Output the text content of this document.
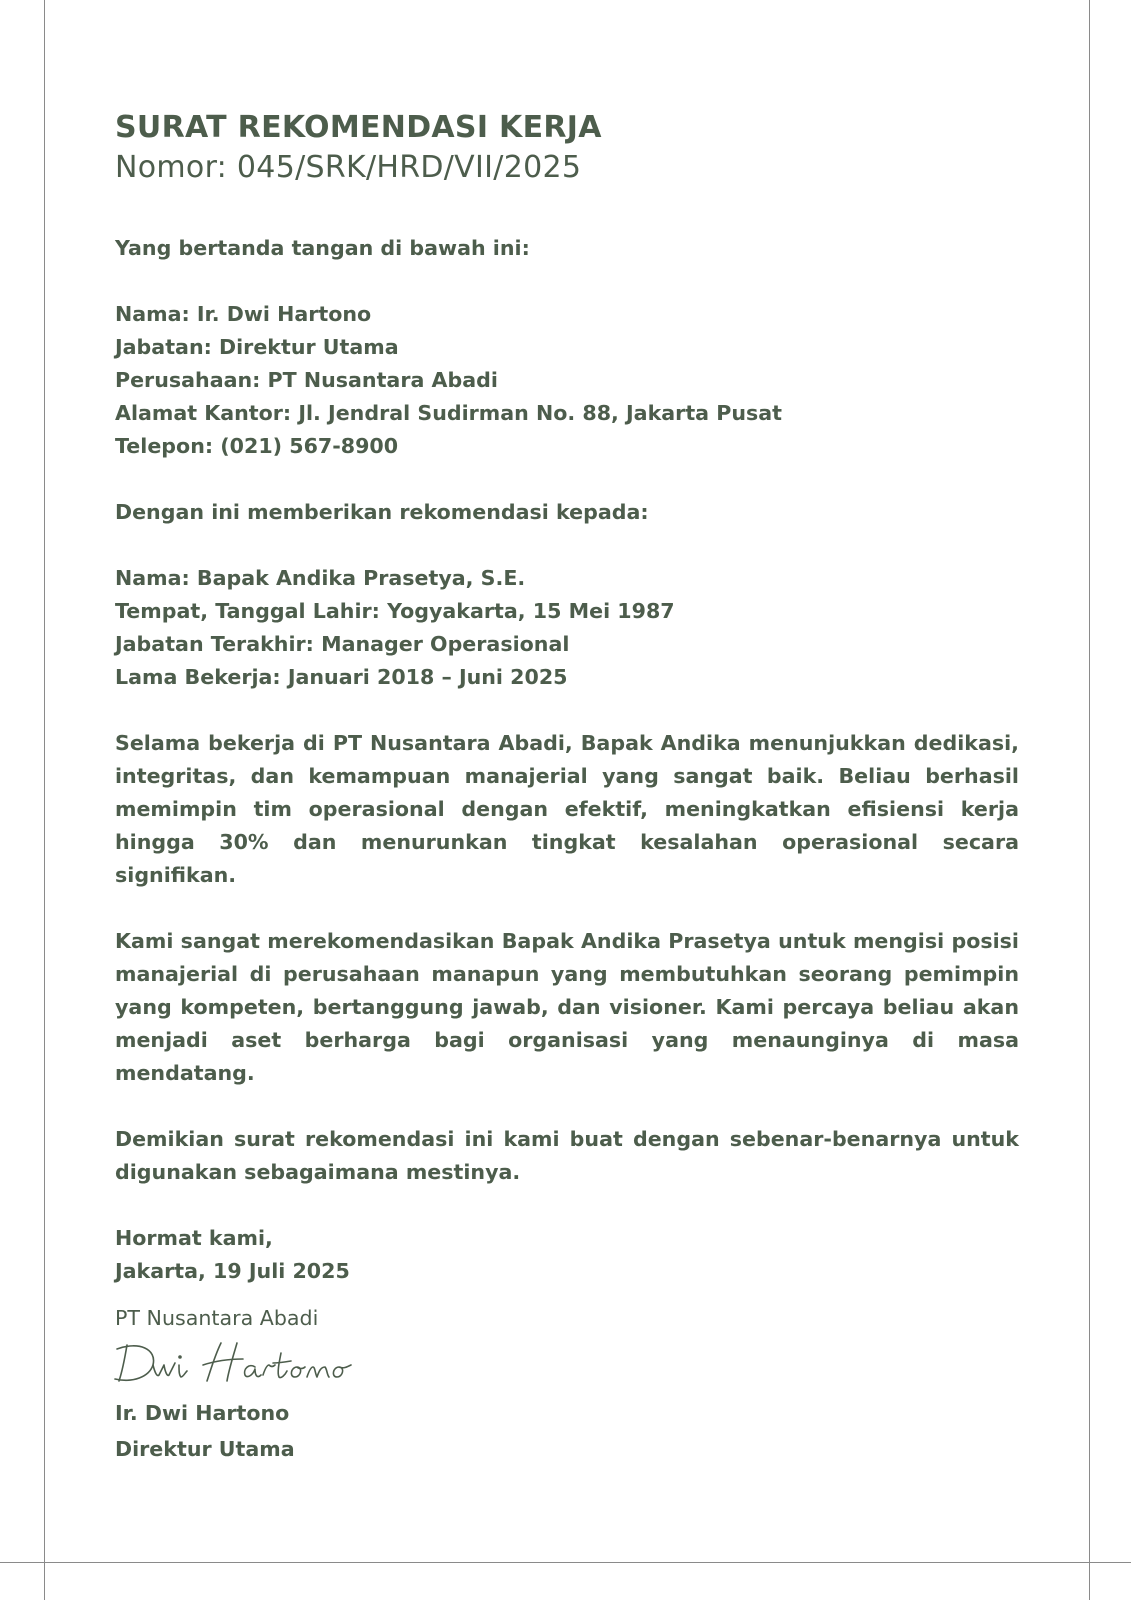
SURAT REKOMENDASI KERJA
Nomor: 045/SRK/HRD/VII/2025

Yang bertanda tangan di bawah ini:

Nama: Ir. Dwi Hartono

Jabatan: Direktur Utama

Perusahaan: PT Nusantara Abadi

Alamat Kantor: Jl. Jendral Sudirman No. 88, Jakarta Pusat

Telepon: (021) 567-8900

Dengan ini memberikan rekomendasi kepada:

Nama: Bapak Andika Prasetya, S.E.

Tempat, Tanggal Lahir: Yogyakarta, 15 Mei 1987

Jabatan Terakhir: Manager Operasional

Lama Bekerja: Januari 2018 – Juni 2025

Selama bekerja di PT Nusantara Abadi, Bapak Andika menunjukkan dedikasi, integritas, dan kemampuan manajerial yang sangat baik. Beliau berhasil memimpin tim operasional dengan efektif, meningkatkan efisiensi kerja hingga 30% dan menurunkan tingkat kesalahan operasional secara signifikan.

Kami sangat merekomendasikan Bapak Andika Prasetya untuk mengisi posisi manajerial di perusahaan manapun yang membutuhkan seorang pemimpin yang kompeten, bertanggung jawab, dan visioner. Kami percaya beliau akan menjadi aset berharga bagi organisasi yang menaunginya di masa mendatang.

Demikian surat rekomendasi ini kami buat dengan sebenar-benarnya untuk digunakan sebagaimana mestinya.

Hormat kami,

Jakarta, 19 Juli 2025

PT Nusantara Abadi
Ir. Dwi Hartono
Direktur Utama
